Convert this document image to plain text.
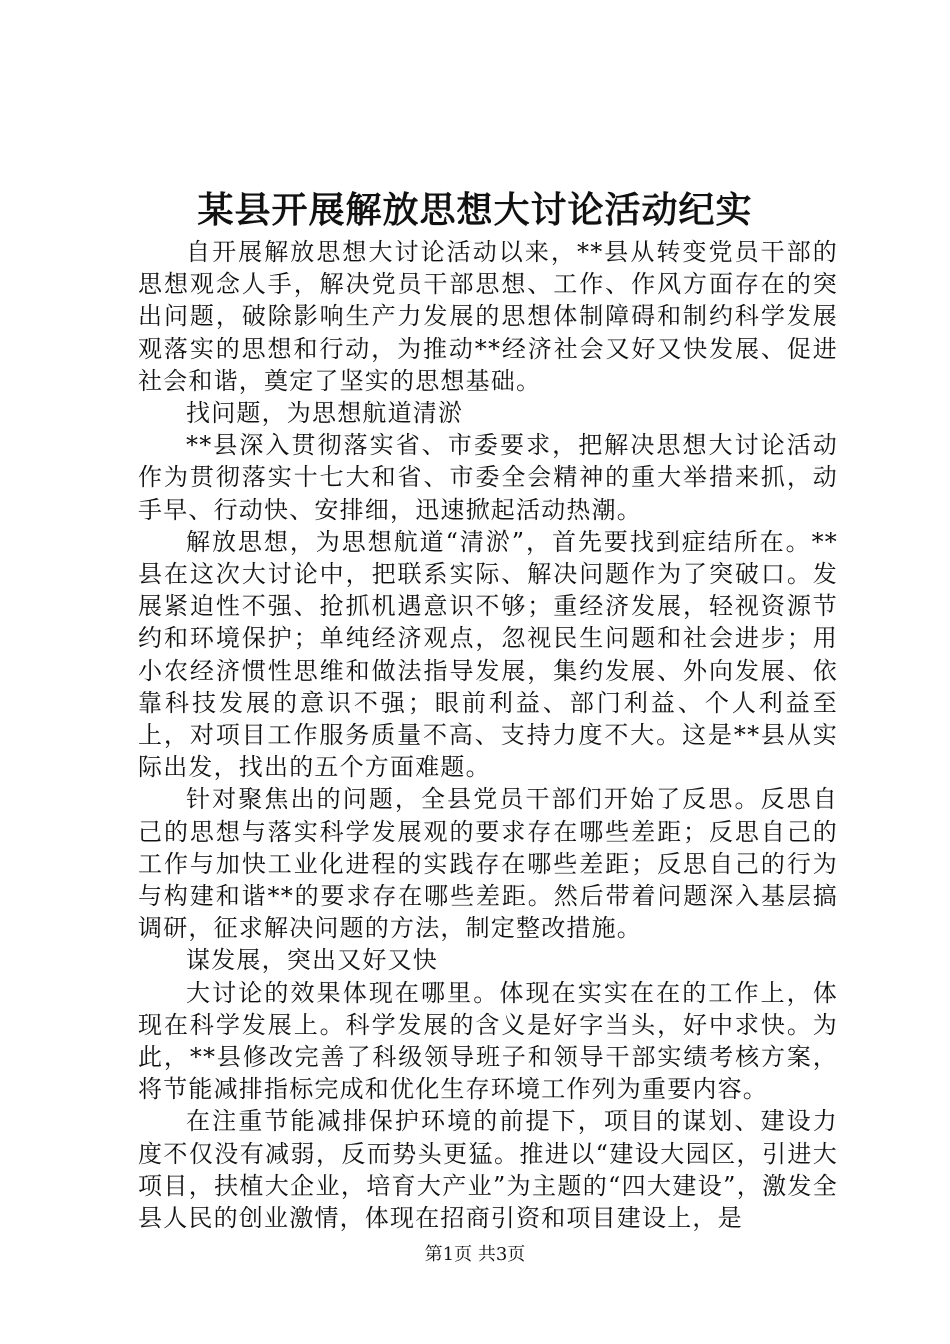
某县开展解放思想大讨论活动纪实

自开展解放思想大讨论活动以来，**县从转变党员干部的思想观念人手，解决党员干部思想、工作、作风方面存在的突出问题，破除影响生产力发展的思想体制障碍和制约科学发展观落实的思想和行动，为推动**经济社会又好又快发展、促进社会和谐，奠定了坚实的思想基础。

找问题，为思想航道清淤

**县深入贯彻落实省、市委要求，把解决思想大讨论活动作为贯彻落实十七大和省、市委全会精神的重大举措来抓，动手早、行动快、安排细，迅速掀起活动热潮。

解放思想，为思想航道“清淤”，首先要找到症结所在。**县在这次大讨论中，把联系实际、解决问题作为了突破口。发展紧迫性不强、抢抓机遇意识不够；重经济发展，轻视资源节约和环境保护；单纯经济观点，忽视民生问题和社会进步；用小农经济惯性思维和做法指导发展，集约发展、外向发展、依靠科技发展的意识不强；眼前利益、部门利益、个人利益至上，对项目工作服务质量不高、支持力度不大。这是**县从实际出发，找出的五个方面难题。

针对聚焦出的问题，全县党员干部们开始了反思。反思自己的思想与落实科学发展观的要求存在哪些差距；反思自己的工作与加快工业化进程的实践存在哪些差距；反思自己的行为与构建和谐**的要求存在哪些差距。然后带着问题深入基层搞调研，征求解决问题的方法，制定整改措施。

谋发展，突出又好又快

大讨论的效果体现在哪里。体现在实实在在的工作上，体现在科学发展上。科学发展的含义是好字当头，好中求快。为此，**县修改完善了科级领导班子和领导干部实绩考核方案，将节能减排指标完成和优化生存环境工作列为重要内容。

在注重节能减排保护环境的前提下，项目的谋划、建设力度不仅没有减弱，反而势头更猛。推进以“建设大园区，引进大项目，扶植大企业，培育大产业”为主题的“四大建设”，激发全县人民的创业激情，体现在招商引资和项目建设上，是

第1页 共3页
